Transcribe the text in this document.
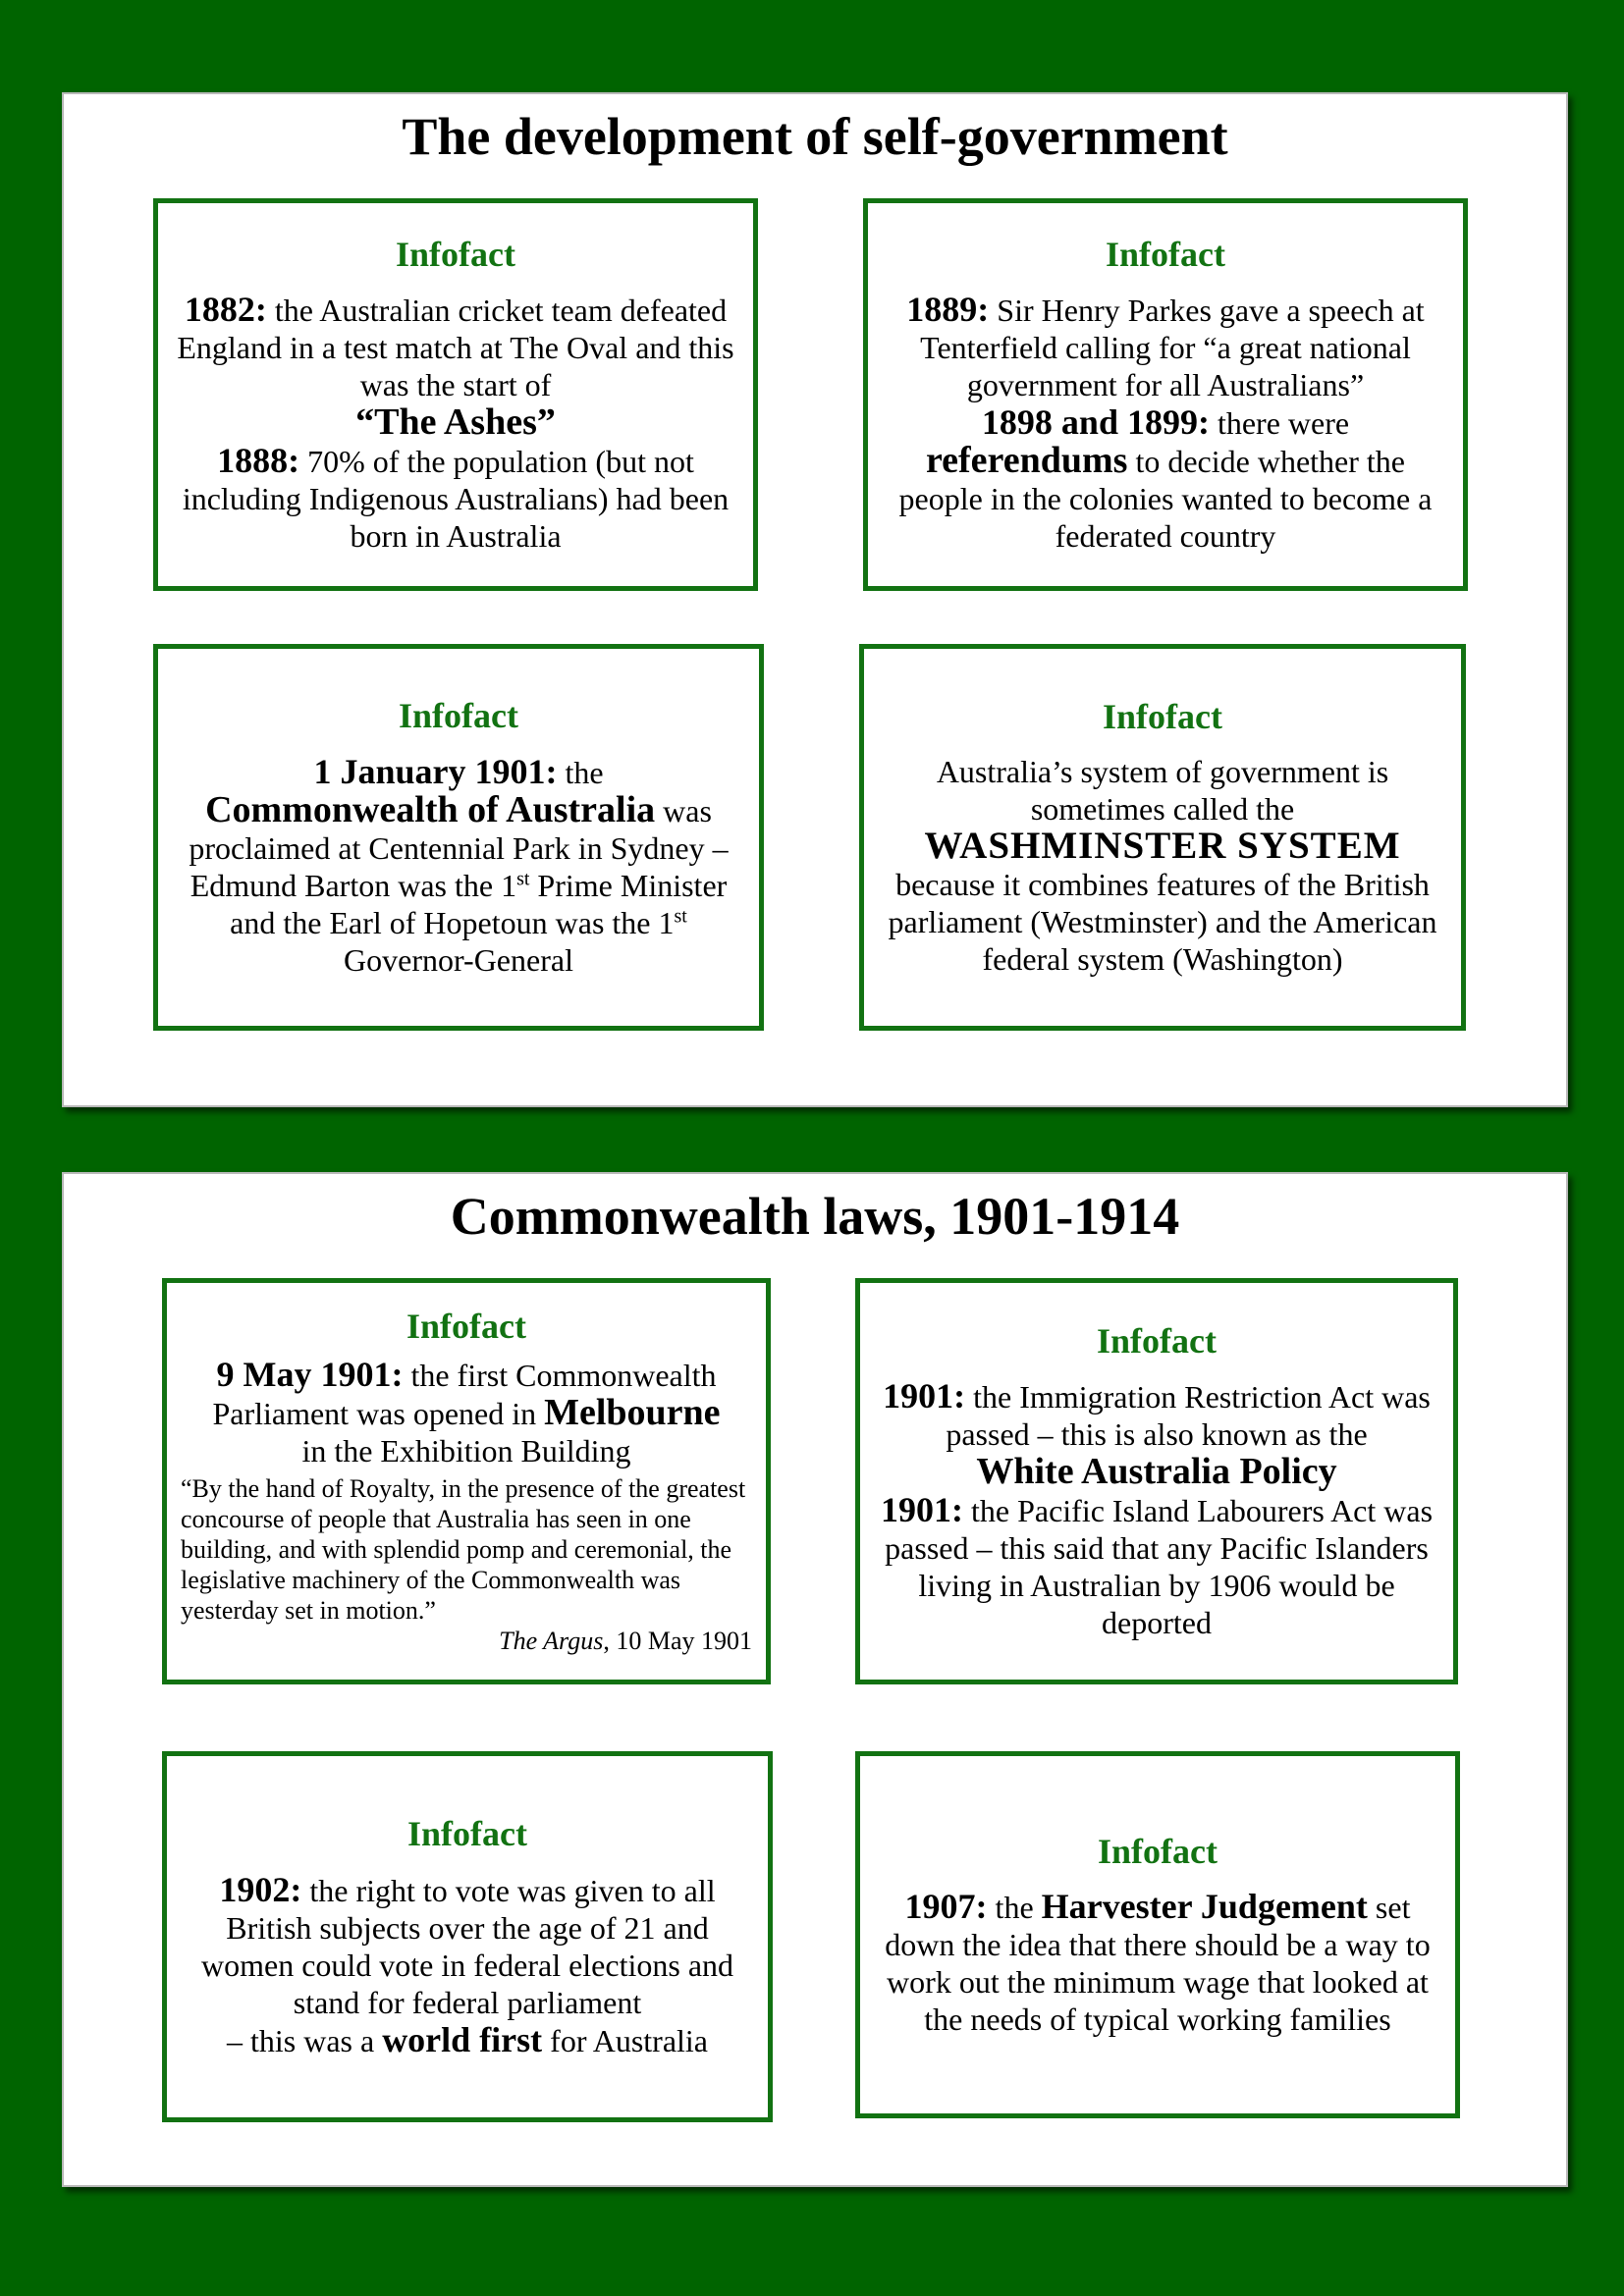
The development of self-government
Infofact
1882: the Australian cricket team defeated England in a test match at The Oval and this was the start of
“The Ashes”
1888: 70% of the population (but not including Indigenous Australians) had been born in Australia
Infofact
1889: Sir Henry Parkes gave a speech at Tenterfield calling for “a great national government for all Australians”
1898 and 1899: there were
referendums to decide whether the people in the colonies wanted to become a federated country
Infofact
1 January 1901: the
Commonwealth of Australia was proclaimed at Centennial Park in Sydney – Edmund Barton was the 1st Prime Minister and the Earl of Hopetoun was the 1st Governor-General
Infofact
Australia’s system of government is sometimes called the
WASHMINSTER SYSTEM
because it combines features of the British parliament (Westminster) and the American federal system (Washington)
Commonwealth laws, 1901-1914
Infofact
9 May 1901: the first Commonwealth Parliament was opened in Melbourne
in the Exhibition Building
“By the hand of Royalty, in the presence of the greatest concourse of people that Australia has seen in one building, and with splendid pomp and ceremonial, the legislative machinery of the Commonwealth was yesterday set in motion.”
The Argus, 10 May 1901
Infofact
1901: the Immigration Restriction Act was passed – this is also known as the
White Australia Policy
1901: the Pacific Island Labourers Act was passed – this said that any Pacific Islanders living in Australian by 1906 would be deported
Infofact
1902: the right to vote was given to all British subjects over the age of 21 and women could vote in federal elections and stand for federal parliament
– this was a world first for Australia
Infofact
1907: the Harvester Judgement set down the idea that there should be a way to work out the minimum wage that looked at the needs of typical working families
